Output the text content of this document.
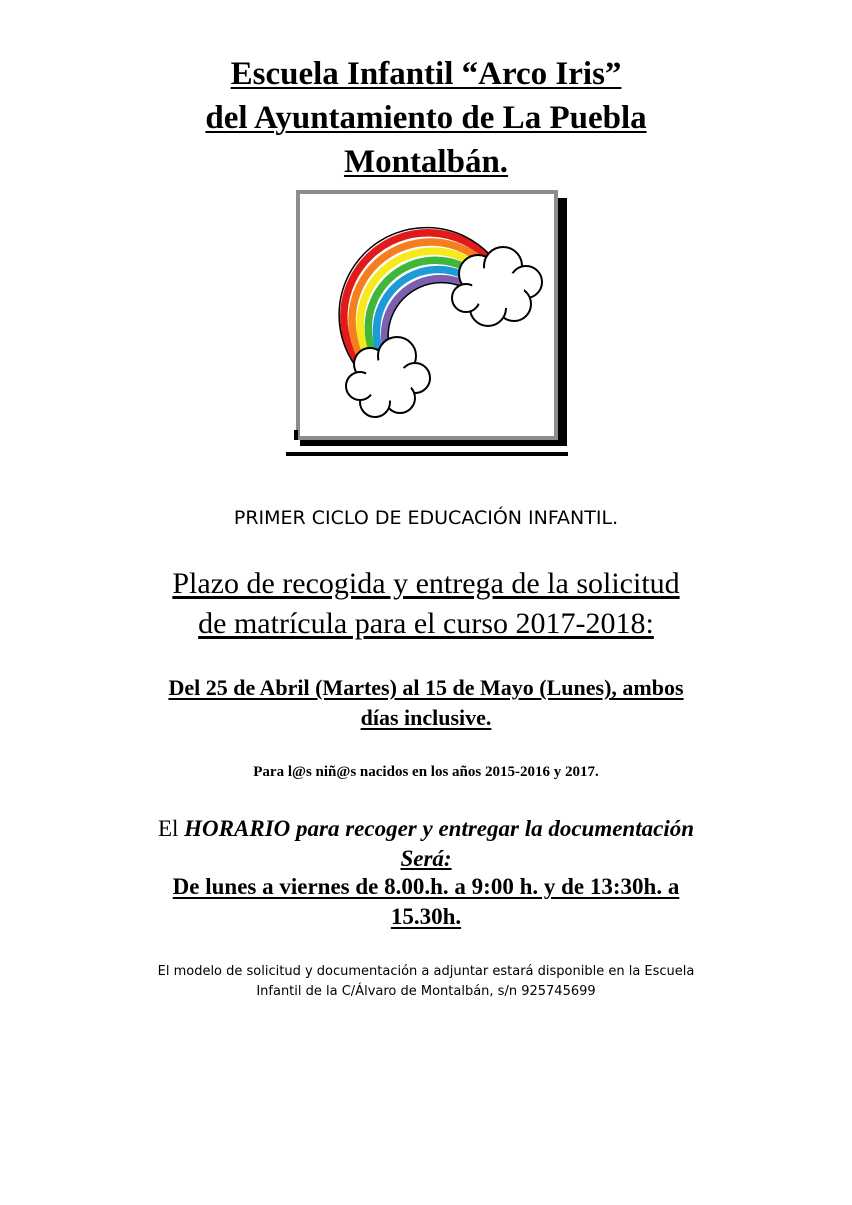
Escuela Infantil “Arco Iris”
del Ayuntamiento de La Puebla
Montalbán.
PRIMER CICLO DE EDUCACIÓN INFANTIL.
Plazo de recogida y entrega de la solicitud
de matrícula para el curso 2017-2018:
Del 25 de Abril (Martes) al 15 de Mayo (Lunes), ambos
días inclusive.
Para l@s niñ@s nacidos en los años 2015-2016 y 2017.
El HORARIO para recoger y entregar la documentación
Será:
De lunes a viernes de 8.00.h. a 9:00 h. y de 13:30h. a
15.30h.
El modelo de solicitud y documentación a adjuntar estará disponible en la Escuela
Infantil de la C/Álvaro de Montalbán, s/n 925745699
